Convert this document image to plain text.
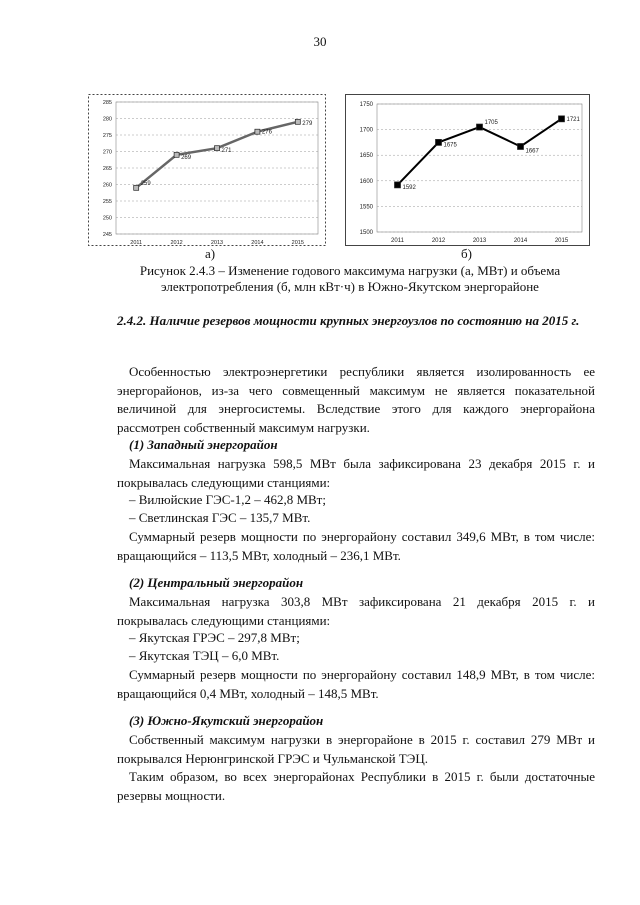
30
265
260
255
250
245
270
275
280
285
2011	2012	2013	2014	2015
259
269
271
276
279
1500
1550
1600
1650
1700
1750
2011	2012	2013	2014	2015
1592
1675
1705
1667
1721
а)	б)
Рисунок 2.4.3 – Изменение годового максимума нагрузки (а, МВт) и объема
электропотребления (б, млн кВт·ч) в Южно-Якутском энергорайоне
2.4.2. Наличие резервов мощности крупных энергоузлов по состоянию на 2015 г.
Особенностью электроэнергетики республики является изолированность ее энергорайонов, из-за чего совмещенный максимум не является показательной величиной для энергосистемы. Вследствие этого для каждого энергорайона рассмотрен собственный максимум нагрузки.
(1) Западный энергорайон
Максимальная нагрузка 598,5 МВт была зафиксирована 23 декабря 2015 г. и покрывалась следующими станциями:
– Вилюйские ГЭС-1,2 – 462,8 МВт;
– Светлинская ГЭС – 135,7 МВт.
Суммарный резерв мощности по энергорайону составил 349,6 МВт, в том числе: вращающийся – 113,5 МВт, холодный – 236,1 МВт.
(2) Центральный энергорайон
Максимальная нагрузка 303,8 МВт зафиксирована 21 декабря 2015 г. и покрывалась следующими станциями:
– Якутская ГРЭС – 297,8 МВт;
– Якутская ТЭЦ – 6,0 МВт.
Суммарный резерв мощности по энергорайону составил 148,9 МВт, в том числе: вращающийся 0,4 МВт, холодный – 148,5 МВт.
(3) Южно-Якутский энергорайон
Собственный максимум нагрузки в энергорайоне в 2015 г. составил 279 МВт и покрывался Нерюнгринской ГРЭС и Чульманской ТЭЦ.
Таким образом, во всех энергорайонах Республики в 2015 г. были достаточные резервы мощности.
